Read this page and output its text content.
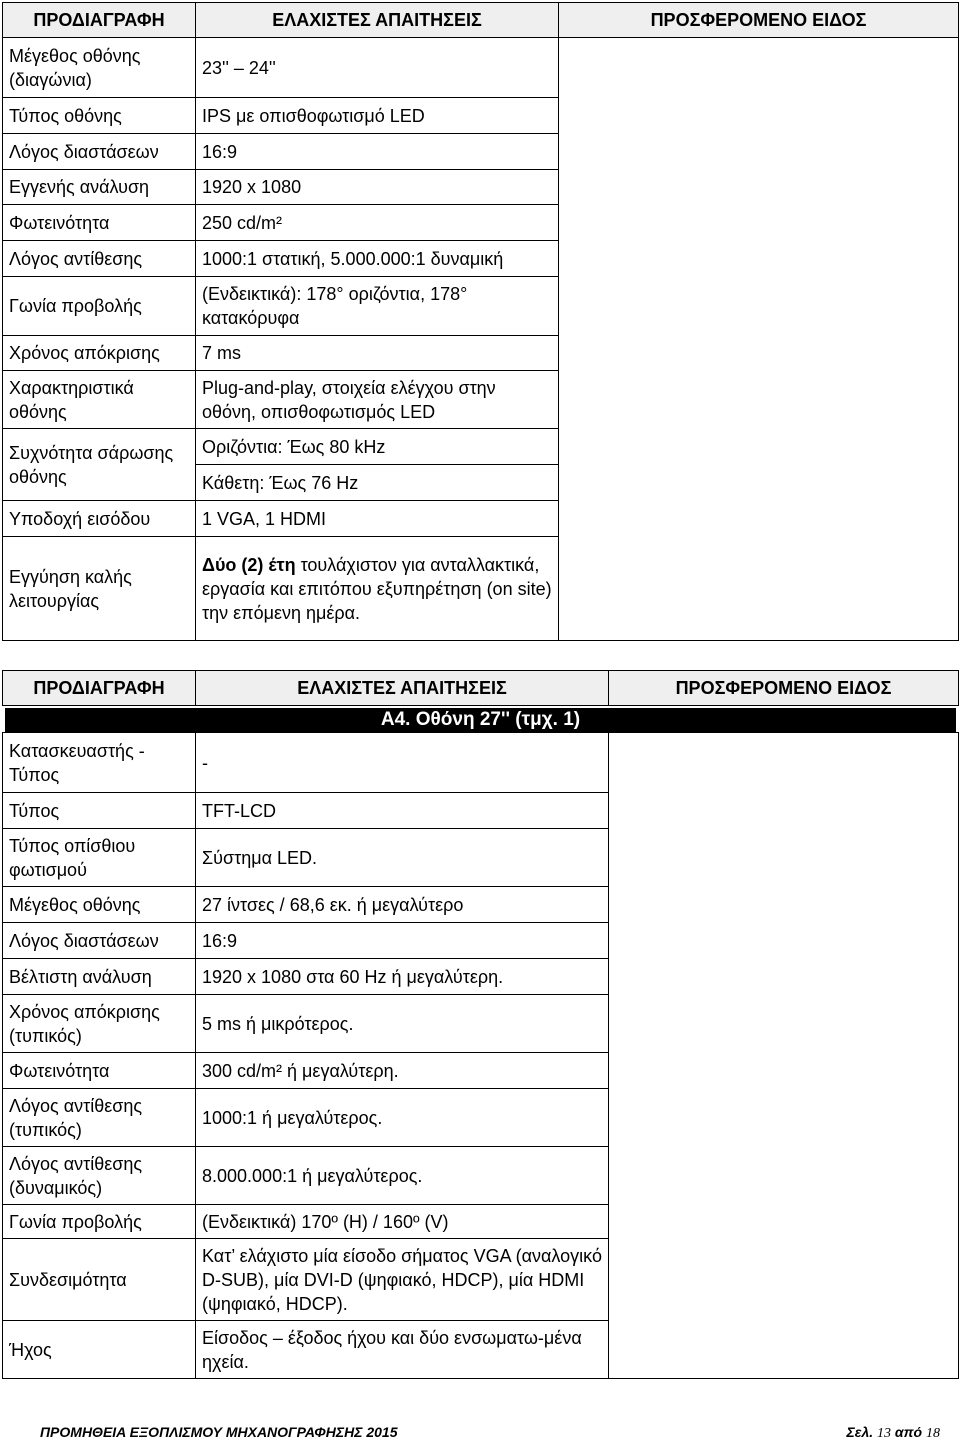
ΠΡΟΔΙΑΓΡΑΦΗ	ΕΛΑΧΙΣΤΕΣ ΑΠΑΙΤΗΣΕΙΣ	ΠΡΟΣΦΕΡΟΜΕΝΟ ΕΙΔΟΣ
Μέγεθος οθόνης (διαγώνια)	23'' – 24''	
Τύπος οθόνης	IPS με οπισθοφωτισμό LED	
Λόγος διαστάσεων	16:9	
Εγγενής ανάλυση	1920 x 1080	
Φωτεινότητα	250 cd/m²	
Λόγος αντίθεσης	1000:1 στατική, 5.000.000:1 δυναμική	
Γωνία προβολής	(Ενδεικτικά): 178° οριζόντια, 178° κατακόρυφα	
Χρόνος απόκρισης	7 ms	
Χαρακτηριστικά οθόνης	Plug-and-play, στοιχεία ελέγχου στην οθόνη, οπισθοφωτισμός LED	
Συχνότητα σάρωσης οθόνης	Οριζόντια: Έως 80 kHz	
	Κάθετη: Έως 76 Hz	
Υποδοχή εισόδου	1 VGA, 1 HDMI	
Εγγύηση καλής λειτουργίας	Δύο (2) έτη τουλάχιστον για ανταλλακτικά, εργασία και επιτόπου εξυπηρέτηση (on site) την επόμενη ημέρα.	
ΠΡΟΔΙΑΓΡΑΦΗ	ΕΛΑΧΙΣΤΕΣ ΑΠΑΙΤΗΣΕΙΣ	ΠΡΟΣΦΕΡΟΜΕΝΟ ΕΙΔΟΣ

Α4. Οθόνη 27'' (τμχ. 1)		

Κατασκευαστής - Τύπος	-	
Τύπος	TFT-LCD	
Τύπος οπίσθιου φωτισμού	Σύστημα LED.	
Μέγεθος οθόνης	27 ίντσες / 68,6 εκ. ή μεγαλύτερο	
Λόγος διαστάσεων	16:9	
Βέλτιστη ανάλυση	1920 x 1080 στα 60 Hz ή μεγαλύτερη.	
Χρόνος απόκρισης (τυπικός)	5 ms ή μικρότερος.	
Φωτεινότητα	300 cd/m² ή μεγαλύτερη.	
Λόγος αντίθεσης (τυπικός)	1000:1 ή μεγαλύτερος.	
Λόγος αντίθεσης (δυναμικός)	8.000.000:1 ή μεγαλύτερος.	
Γωνία προβολής	(Ενδεικτικά) 170º (H) / 160º (V)	
Συνδεσιμότητα	Κατ’ ελάχιστο μία είσοδο σήματος VGA (αναλογικό D-SUB), μία DVI-D (ψηφιακό, HDCP), μία HDMI (ψηφιακό, HDCP).	
Ήχος	Είσοδος – έξοδος ήχου και δύο ενσωματω-μένα ηχεία.	
ΠΡΟΜΗΘΕΙΑ ΕΞΟΠΛΙΣΜΟΥ ΜΗΧΑΝΟΓΡΑΦΗΣΗΣ 2015	Σελ. 13 από 18
